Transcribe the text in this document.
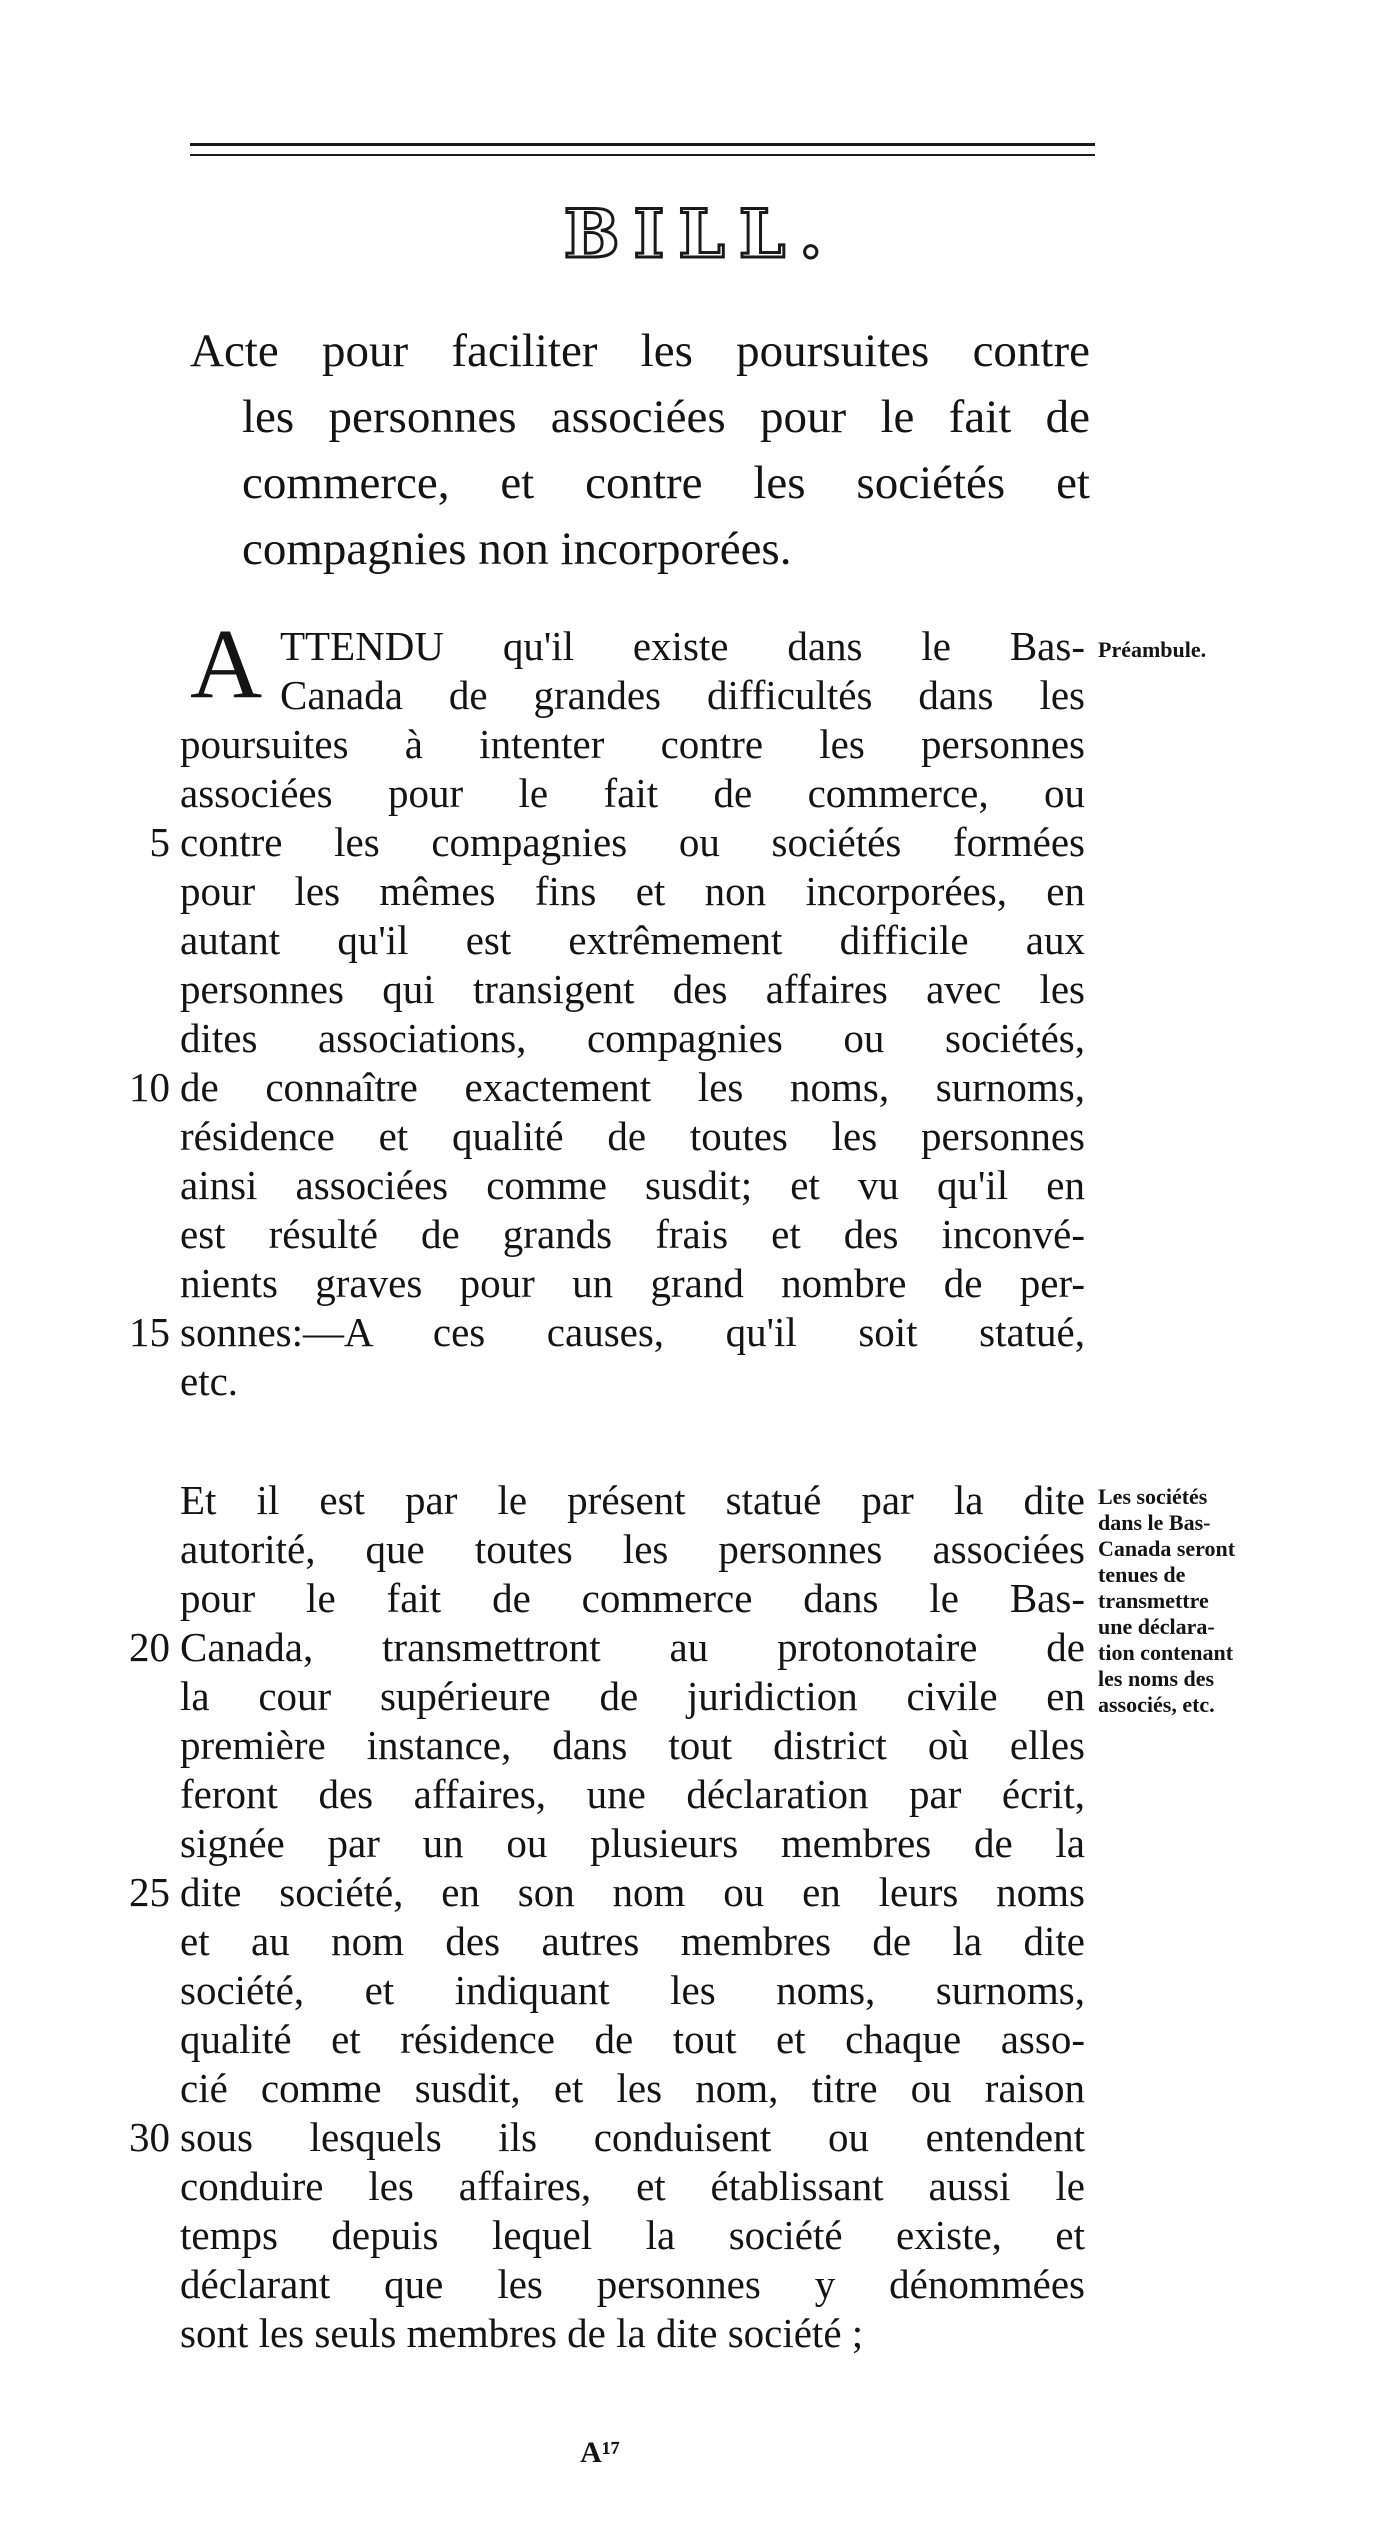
BILL.
Acte pour faciliter les poursuites contre
les personnes associées pour le fait de
commerce, et contre les sociétés et
compagnies non incorporées.
A TTENDU qu'il existe dans le Bas-
Canada de grandes difficultés dans les
poursuites à intenter contre les personnes
associées pour le fait de commerce, ou
contre les compagnies ou sociétés formées
pour les mêmes fins et non incorporées, en
autant qu'il est extrêmement difficile aux
personnes qui transigent des affaires avec les
dites associations, compagnies ou sociétés,
de connaître exactement les noms, surnoms,
résidence et qualité de toutes les personnes
ainsi associées comme susdit; et vu qu'il en
est résulté de grands frais et des inconvé-
nients graves pour un grand nombre de per-
sonnes:—A ces causes, qu'il soit statué,
etc.
Préambule.
Et il est par le présent statué par la dite
autorité, que toutes les personnes associées
pour le fait de commerce dans le Bas-
Canada, transmettront au protonotaire de
la cour supérieure de juridiction civile en
première instance, dans tout district où elles
feront des affaires, une déclaration par écrit,
signée par un ou plusieurs membres de la
dite société, en son nom ou en leurs noms
et au nom des autres membres de la dite
société, et indiquant les noms, surnoms,
qualité et résidence de tout et chaque asso-
cié comme susdit, et les nom, titre ou raison
sous lesquels ils conduisent ou entendent
conduire les affaires, et établissant aussi le
temps depuis lequel la société existe, et
déclarant que les personnes y dénommées
sont les seuls membres de la dite société ;
Les sociétés
dans le Bas-
Canada seront
tenues de
transmettre
une déclara-
tion contenant
les noms des
associés, etc.
5
10
15
20
25
30
A¹⁷
